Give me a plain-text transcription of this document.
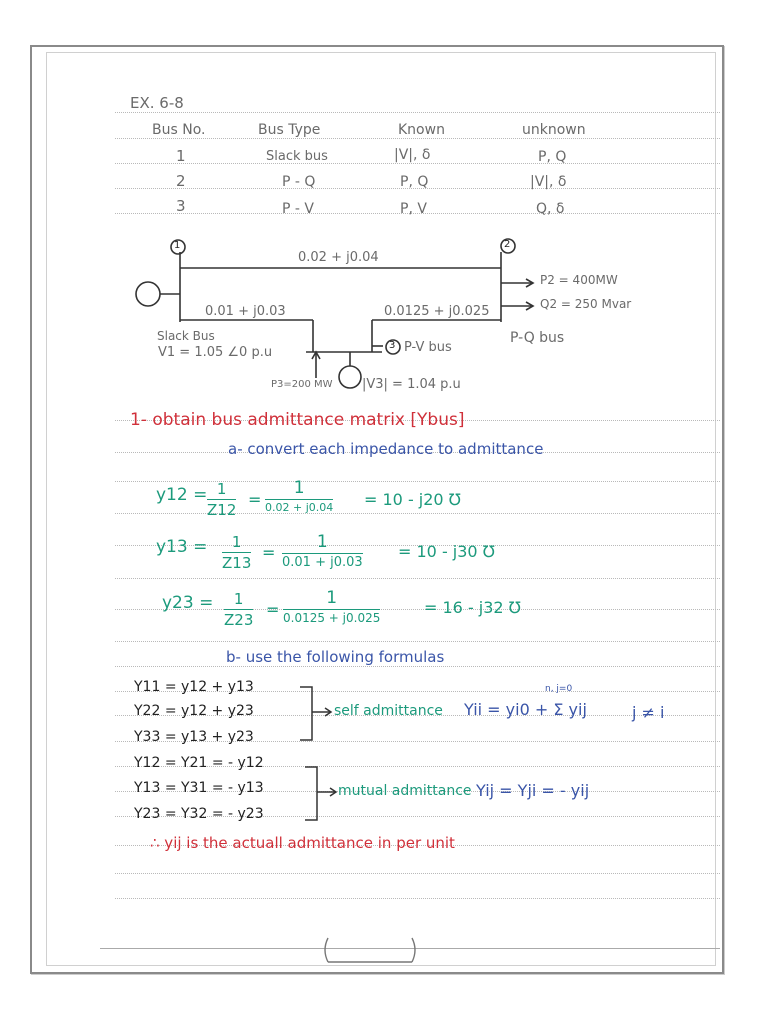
EX. 6-8
Bus No.	Bus Type	Known	unknown
1	Slack bus	|V|, δ	P, Q
2	P - Q	P, Q	|V|, δ
3	P - V	P, V	Q, δ
1	2
3
0.02 + j0.04
0.01 + j0.03	0.0125 + j0.025
P2 = 400MW
Q2 = 250 Mvar
P-Q bus
P-V bus
Slack Bus
V1 = 1.05 ∠0 p.u
P3=200 MW |V3| = 1.04 p.u
1- obtain bus admittance matrix [Ybus]
a- convert each impedance to admittance
$y12 = \frac{1}{Z12}$ =
1
0.02 + j0.04 = 10 - j20 ℧
$y13 = \frac{1}{Z13}$ =
1
0.01 + j0.03
= 10 - j30 ℧
$y23 = \frac{1}{Z23}$ =
1
0.0125 + j0.025
= 16 - j32 ℧
b- use the following formulas
Y11 = y12 + y13
Y22 = y12 + y23
Y33 = y13 + y23
self admittance Yii = yi0 + Σ yij
n, j=0
j ≠ i
Y12 = Y21 = - y12
Y13 = Y31 = - y13
Y23 = Y32 = - y23
mutual admittance Yij = Yji = - yij
∴ yij is the actuall admittance in per unit
